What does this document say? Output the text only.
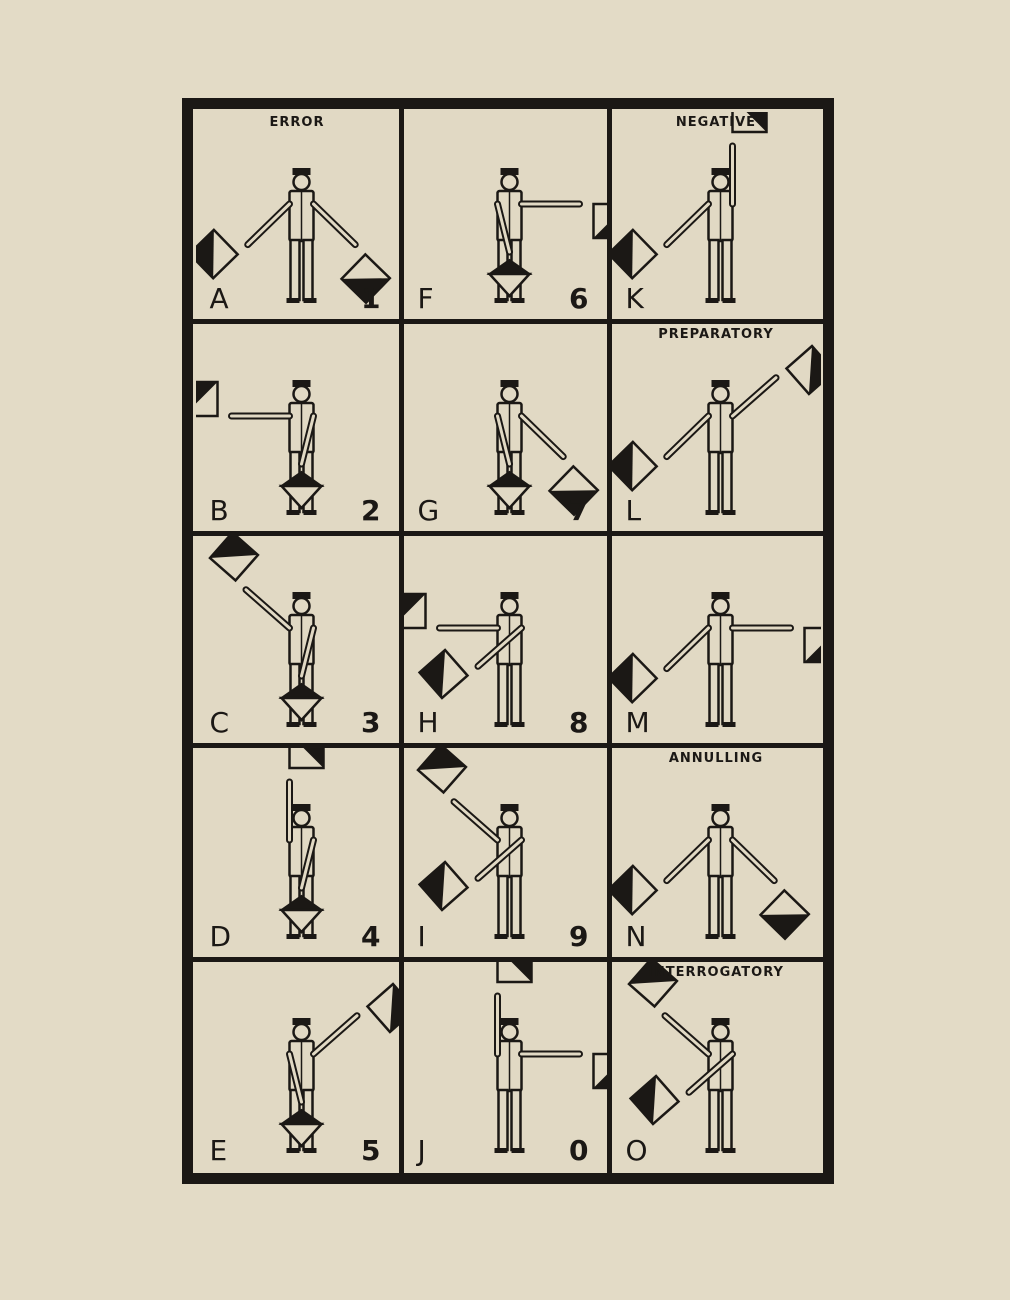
ERROR
A	1 F	6
NEGATIVE
K
B	2 G	7
PREPARATORY
L
C	3 H	8 M
D	4 I	9
ANNULLING
N
E	5 J	0
INTERROGATORY
O
